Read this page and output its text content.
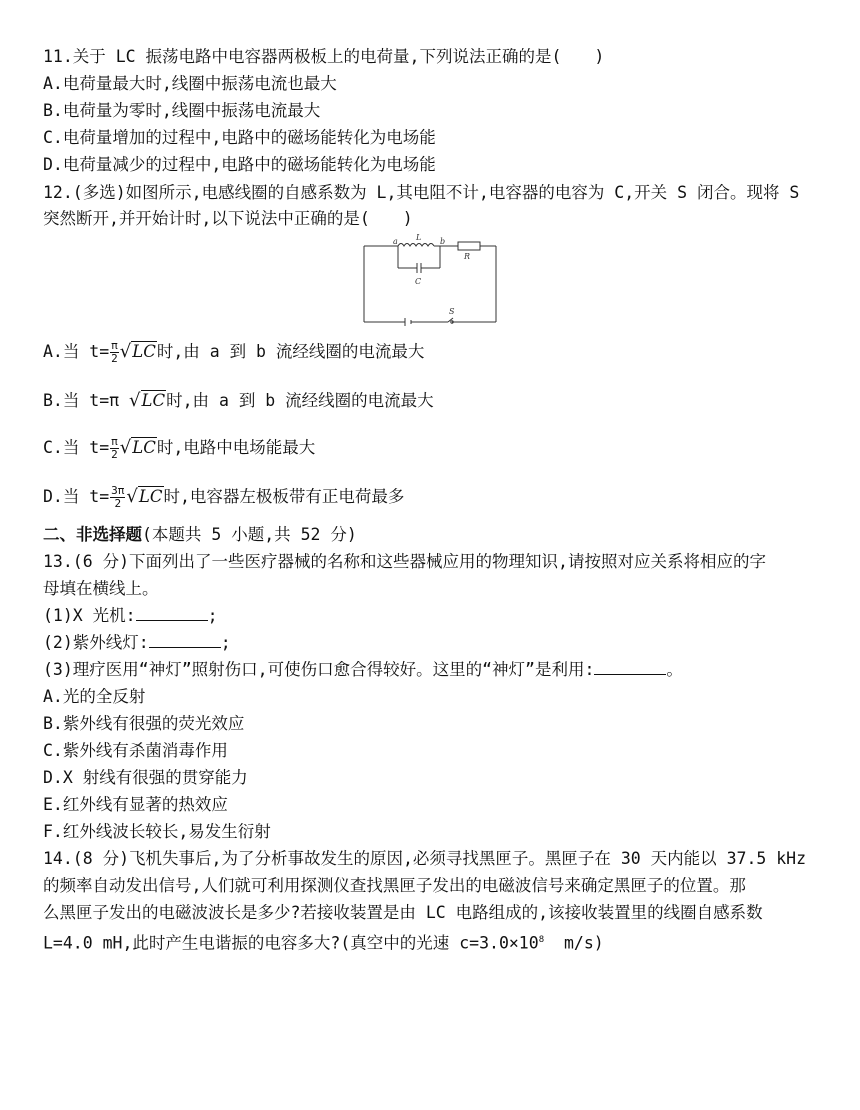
11.关于 LC 振荡电路中电容器两极板上的电荷量,下列说法正确的是(　　)
A.电荷量最大时,线圈中振荡电流也最大
B.电荷量为零时,线圈中振荡电流最大
C.电荷量增加的过程中,电路中的磁场能转化为电场能
D.电荷量减少的过程中,电路中的磁场能转化为电场能
12.(多选)如图所示,电感线圈的自感系数为 L,其电阻不计,电容器的电容为 C,开关 S 闭合。现将 S
突然断开,并开始计时,以下说法中正确的是(　　)
a L b
R
C
S
A.当 $t= \frac{\pi}{2} √LC$时,由 a 到 b 流经线圈的电流最大
B.当 t=π √LC时,由 a 到 b 流经线圈的电流最大
C.当 $t= \frac{\pi}{2} √LC$时,电路中电场能最大
D.当 $t= \frac{3\pi}{2} √LC$时,电容器左极板带有正电荷最多
二、非选择题(本题共 5 小题,共 52 分)
13.(6 分)下面列出了一些医疗器械的名称和这些器械应用的物理知识,请按照对应关系将相应的字
母填在横线上。
(1)X 光机:	;
(2)紫外线灯:	;
(3)理疗医用“神灯”照射伤口,可使伤口愈合得较好。这里的“神灯”是利用:	。
A.光的全反射
B.紫外线有很强的荧光效应
C.紫外线有杀菌消毒作用
D.X 射线有很强的贯穿能力
E.红外线有显著的热效应
F.红外线波长较长,易发生衍射
14.(8 分)飞机失事后,为了分析事故发生的原因,必须寻找黑匣子。黑匣子在 30 天内能以 37.5 kHz
的频率自动发出信号,人们就可利用探测仪查找黑匣子发出的电磁波信号来确定黑匣子的位置。那
么黑匣子发出的电磁波波长是多少?若接收装置是由 LC 电路组成的,该接收装置里的线圈自感系数
L=4.0 mH,此时产生电谐振的电容多大?(真空中的光速 $c=3.0\times 10^8$  m/s)
